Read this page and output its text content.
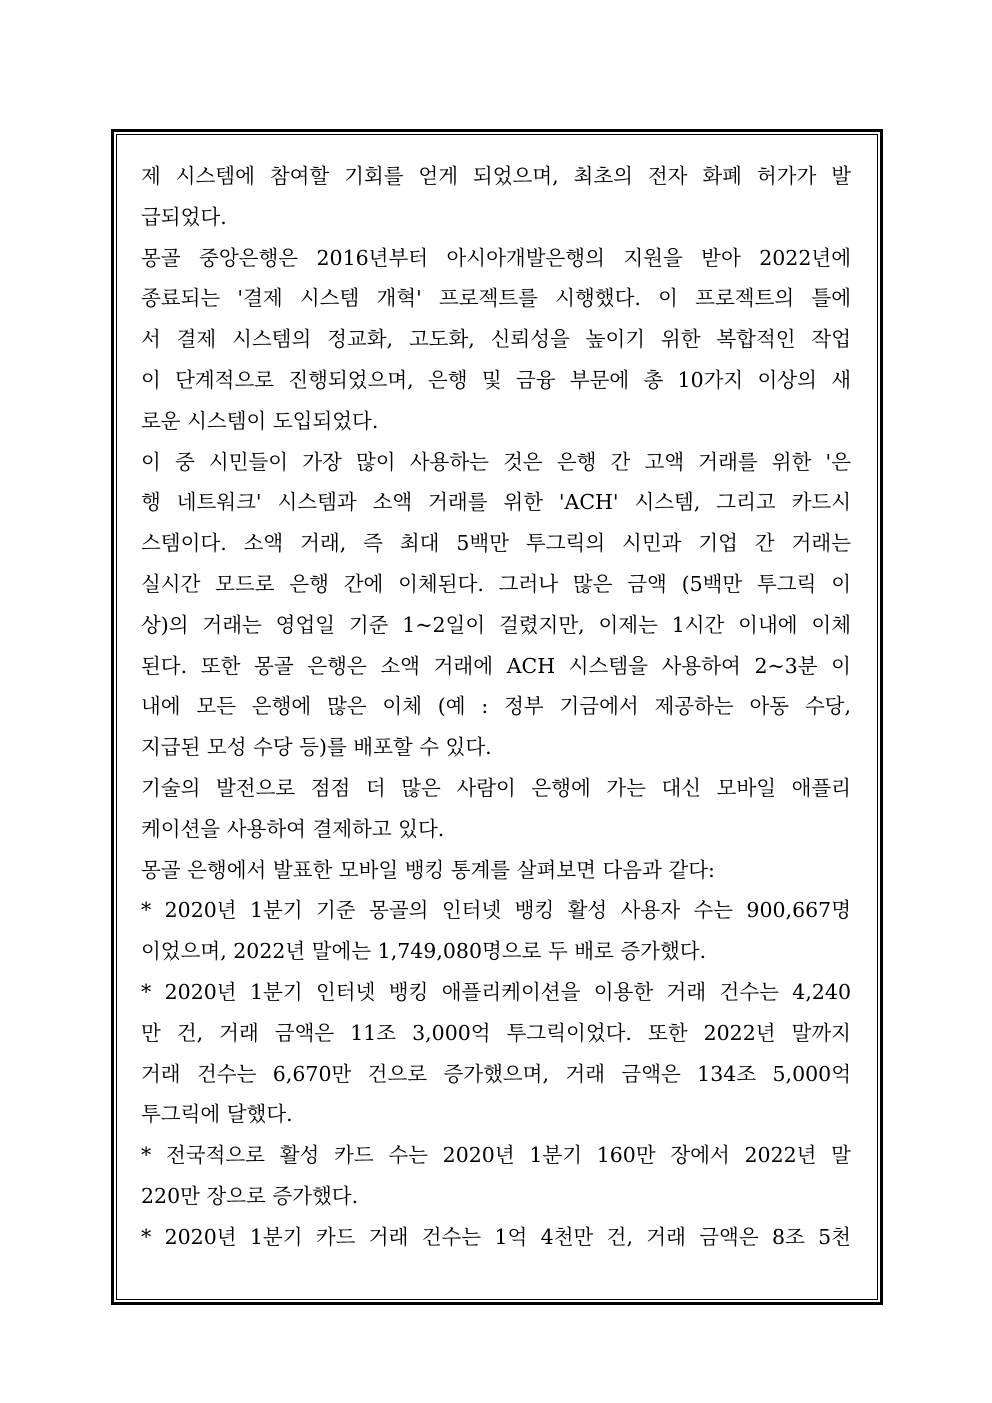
제 시스템에 참여할 기회를 얻게 되었으며, 최초의 전자 화폐 허가가 발
급되었다.
몽골 중앙은행은 2016년부터 아시아개발은행의 지원을 받아 2022년에
종료되는 '결제 시스템 개혁' 프로젝트를 시행했다. 이 프로젝트의 틀에
서 결제 시스템의 정교화, 고도화, 신뢰성을 높이기 위한 복합적인 작업
이 단계적으로 진행되었으며, 은행 및 금융 부문에 총 10가지 이상의 새
로운 시스템이 도입되었다.
이 중 시민들이 가장 많이 사용하는 것은 은행 간 고액 거래를 위한 '은
행 네트워크' 시스템과 소액 거래를 위한 'ACH' 시스템, 그리고 카드시
스템이다. 소액 거래, 즉 최대 5백만 투그릭의 시민과 기업 간 거래는
실시간 모드로 은행 간에 이체된다. 그러나 많은 금액 (5백만 투그릭 이
상)의 거래는 영업일 기준 1~2일이 걸렸지만, 이제는 1시간 이내에 이체
된다. 또한 몽골 은행은 소액 거래에 ACH 시스템을 사용하여 2~3분 이
내에 모든 은행에 많은 이체 (예 : 정부 기금에서 제공하는 아동 수당,
지급된 모성 수당 등)를 배포할 수 있다.
기술의 발전으로 점점 더 많은 사람이 은행에 가는 대신 모바일 애플리
케이션을 사용하여 결제하고 있다.
몽골 은행에서 발표한 모바일 뱅킹 통계를 살펴보면 다음과 같다:
* 2020년 1분기 기준 몽골의 인터넷 뱅킹 활성 사용자 수는 900,667명
이었으며, 2022년 말에는 1,749,080명으로 두 배로 증가했다.
* 2020년 1분기 인터넷 뱅킹 애플리케이션을 이용한 거래 건수는 4,240
만 건, 거래 금액은 11조 3,000억 투그릭이었다. 또한 2022년 말까지
거래 건수는 6,670만 건으로 증가했으며, 거래 금액은 134조 5,000억
투그릭에 달했다.
* 전국적으로 활성 카드 수는 2020년 1분기 160만 장에서 2022년 말
220만 장으로 증가했다.
* 2020년 1분기 카드 거래 건수는 1억 4천만 건, 거래 금액은 8조 5천
